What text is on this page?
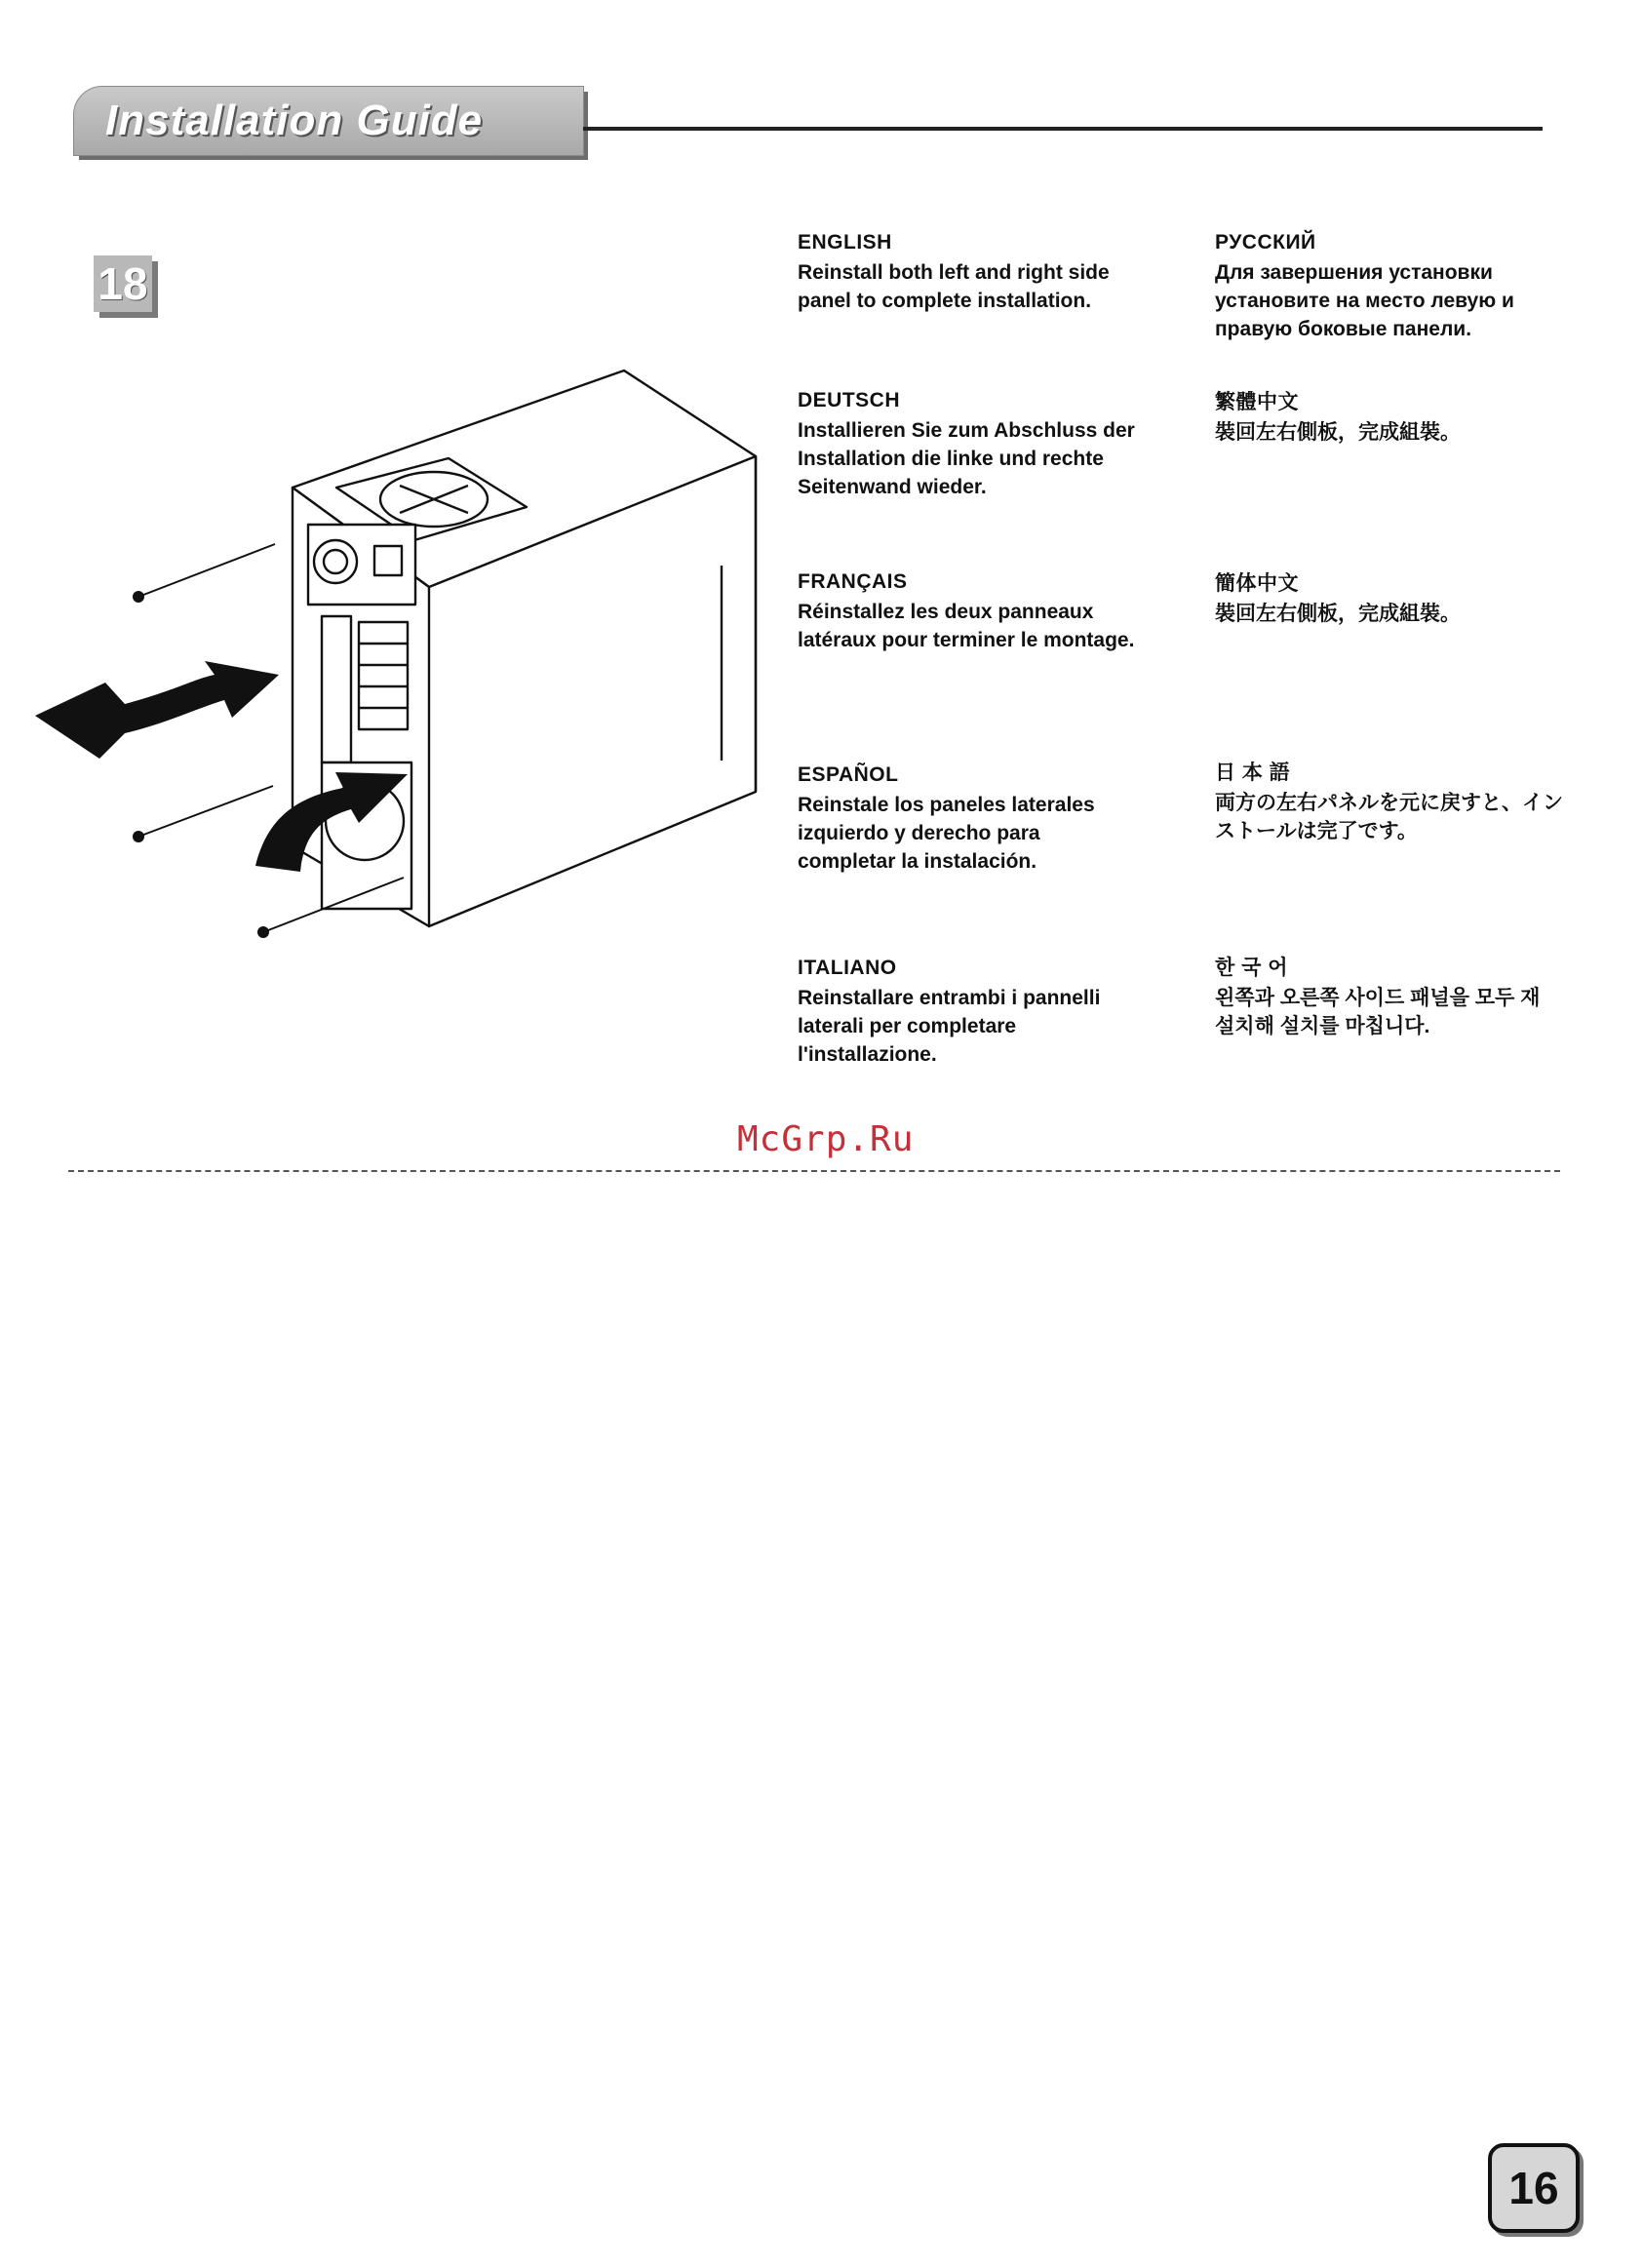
Installation Guide
18
ENGLISH
Reinstall both left and right side panel to complete installation.
DEUTSCH
Installieren Sie zum Abschluss der Installation die linke und rechte Seitenwand wieder.
FRANÇAIS
Réinstallez les deux panneaux latéraux pour terminer le montage.
ESPAÑOL
Reinstale los paneles laterales izquierdo y derecho para completar la instalación.
ITALIANO
Reinstallare entrambi i pannelli laterali per completare l'installazione.
РУССКИЙ
Для завершения установки установите на место левую и правую боковые панели.
繁體中文
裝回左右側板，完成組裝。
簡体中文
裝回左右側板，完成組裝。
日 本 語
両方の左右パネルを元に戻すと、インストールは完了です。
한 국 어
왼쪽과 오른쪽 사이드 패널을 모두 재 설치해 설치를 마칩니다.
McGrp.Ru
16
